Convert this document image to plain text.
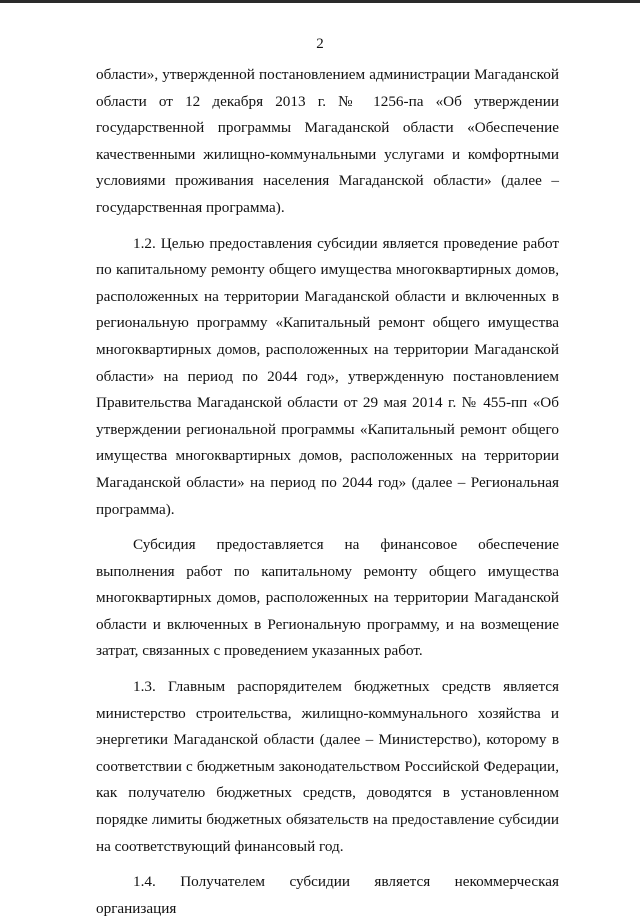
2

области», утвержденной постановлением администрации Магаданской области от 12 декабря 2013 г. № 1256-па «Об утверждении государственной программы Магаданской области «Обеспечение качественными жилищно-коммунальными услугами и комфортными условиями проживания населения Магаданской области» (далее – государственная программа).

1.2. Целью предоставления субсидии является проведение работ по капитальному ремонту общего имущества многоквартирных домов, расположенных на территории Магаданской области и включенных в региональную программу «Капитальный ремонт общего имущества многоквартирных домов, расположенных на территории Магаданской области» на период по 2044 год», утвержденную постановлением Правительства Магаданской области от 29 мая 2014 г. № 455-пп «Об утверждении региональной программы «Капитальный ремонт общего имущества многоквартирных домов, расположенных на территории Магаданской области» на период по 2044 год» (далее – Региональная программа).

Субсидия предоставляется на финансовое обеспечение выполнения работ по капитальному ремонту общего имущества многоквартирных домов, расположенных на территории Магаданской области и включенных в Региональную программу, и на возмещение затрат, связанных с проведением указанных работ.

1.3. Главным распорядителем бюджетных средств является министерство строительства, жилищно-коммунального хозяйства и энергетики Магаданской области (далее – Министерство), которому в соответствии с бюджетным законодательством Российской Федерации, как получателю бюджетных средств, доводятся в установленном порядке лимиты бюджетных обязательств на предоставление субсидии на соответствующий финансовый год.

1.4. Получателем субсидии является некоммерческая организация
